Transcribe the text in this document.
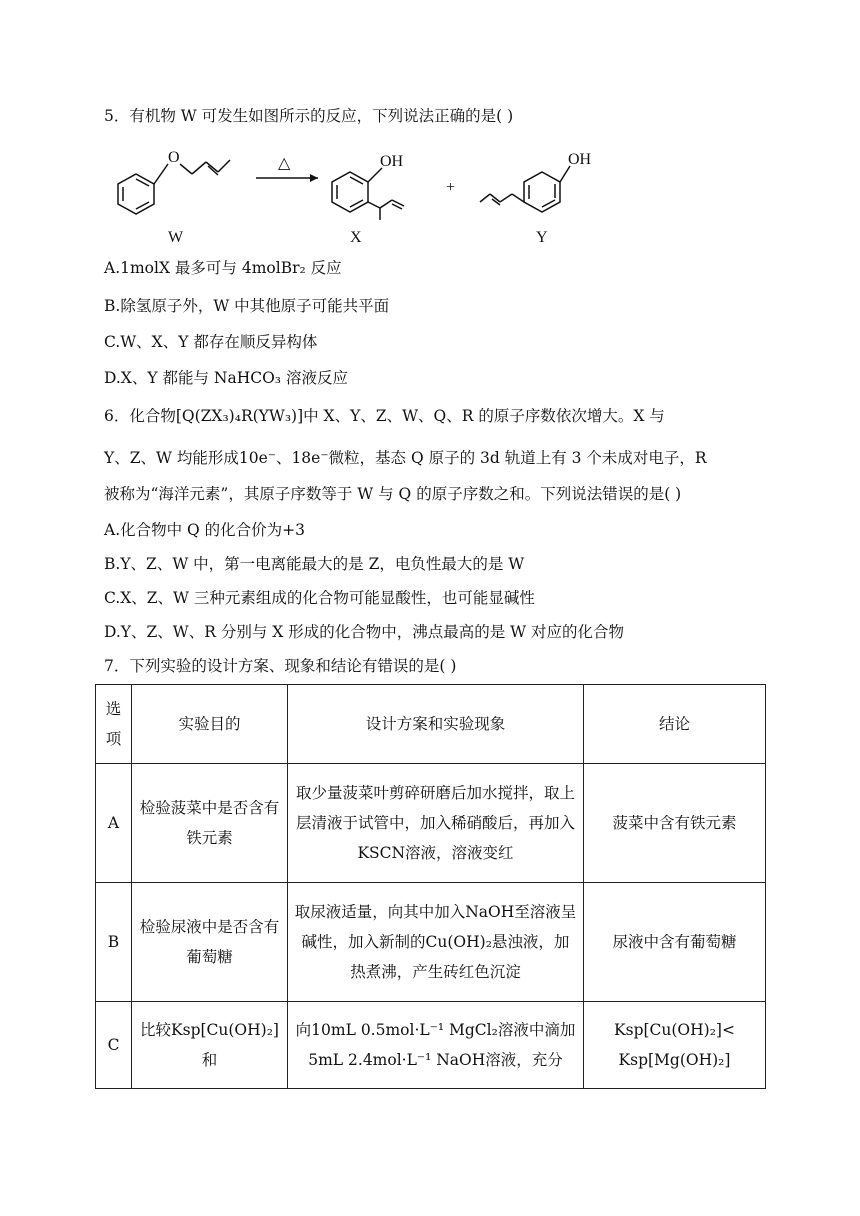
5．有机物 W 可发生如图所示的反应，下列说法正确的是( )
O	△	OH
+
OH
W	X	Y
A.1molX 最多可与 4molBr₂ 反应
B.除氢原子外，W 中其他原子可能共平面
C.W、X、Y 都存在顺反异构体
D.X、Y 都能与 NaHCO₃ 溶液反应
6．化合物[Q(ZX₃)₄R(YW₃)]中 X、Y、Z、W、Q、R 的原子序数依次增大。X 与
Y、Z、W 均能形成10e⁻、18e⁻微粒，基态 Q 原子的 3d 轨道上有 3 个未成对电子，R
被称为“海洋元素”，其原子序数等于 W 与 Q 的原子序数之和。下列说法错误的是( )
A.化合物中 Q 的化合价为+3
B.Y、Z、W 中，第一电离能最大的是 Z，电负性最大的是 W
C.X、Z、W 三种元素组成的化合物可能显酸性，也可能显碱性
D.Y、Z、W、R 分别与 X 形成的化合物中，沸点最高的是 W 对应的化合物
7．下列实验的设计方案、现象和结论有错误的是( )
选项	实验目的	设计方案和实验现象	结论
A	检验菠菜中是否含有铁元素	取少量菠菜叶剪碎研磨后加水搅拌，取上层清液于试管中，加入稀硝酸后，再加入KSCN溶液，溶液变红	菠菜中含有铁元素
B	检验尿液中是否含有葡萄糖	取尿液适量，向其中加入NaOH至溶液呈碱性，加入新制的Cu(OH)₂悬浊液，加热煮沸，产生砖红色沉淀	尿液中含有葡萄糖
C	比较Ksp[Cu(OH)₂]和	向10mL 0.5mol·L⁻¹ MgCl₂溶液中滴加5mL 2.4mol·L⁻¹ NaOH溶液，充分	Ksp[Cu(OH)₂]< Ksp[Mg(OH)₂]
